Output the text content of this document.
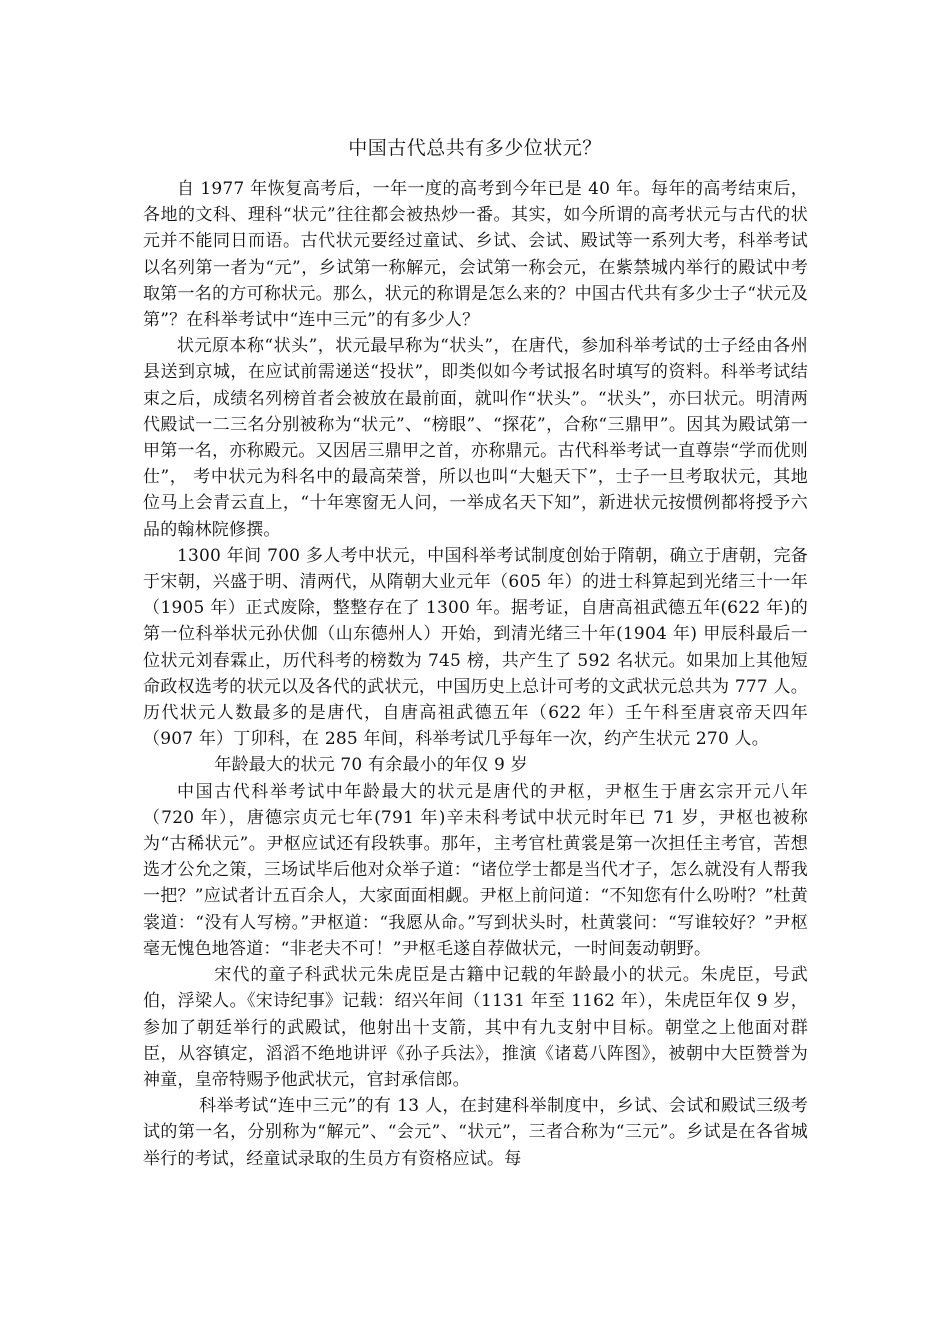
中国古代总共有多少位状元？

自 1977 年恢复高考后，一年一度的高考到今年已是 40 年。每年的高考结束后，各地的文科、理科“状元”往往都会被热炒一番。其实，如今所谓的高考状元与古代的状元并不能同日而语。古代状元要经过童试、乡试、会试、殿试等一系列大考，科举考试以名列第一者为“元”，乡试第一称解元，会试第一称会元，在紫禁城内举行的殿试中考取第一名的方可称状元。那么，状元的称谓是怎么来的？中国古代共有多少士子“状元及第”？在科举考试中“连中三元”的有多少人？

状元原本称“状头”，状元最早称为“状头”，在唐代，参加科举考试的士子经由各州县送到京城，在应试前需递送“投状”，即类似如今考试报名时填写的资料。科举考试结束之后，成绩名列榜首者会被放在最前面，就叫作“状头”。“状头”，亦曰状元。明清两代殿试一二三名分别被称为“状元”、“榜眼”、“探花”，合称“三鼎甲”。因其为殿试第一甲第一名，亦称殿元。又因居三鼎甲之首，亦称鼎元。古代科举考试一直尊崇“学而优则仕”， 考中状元为科名中的最高荣誉，所以也叫“大魁天下”，士子一旦考取状元，其地位马上会青云直上，“十年寒窗无人问，一举成名天下知”，新进状元按惯例都将授予六品的翰林院修撰。

1300 年间 700 多人考中状元，中国科举考试制度创始于隋朝，确立于唐朝，完备于宋朝，兴盛于明、清两代，从隋朝大业元年（605 年）的进士科算起到光绪三十一年（1905 年）正式废除，整整存在了 1300 年。据考证，自唐高祖武德五年(622 年)的第一位科举状元孙伏伽（山东德州人）开始，到清光绪三十年(1904 年) 甲辰科最后一位状元刘春霖止，历代科考的榜数为 745 榜，共产生了 592 名状元。如果加上其他短命政权选考的状元以及各代的武状元，中国历史上总计可考的文武状元总共为 777 人。历代状元人数最多的是唐代，自唐高祖武德五年（622 年）壬午科至唐哀帝天四年（907 年）丁卯科，在 285 年间，科举考试几乎每年一次，约产生状元 270 人。

年龄最大的状元 70 有余最小的年仅 9 岁

中国古代科举考试中年龄最大的状元是唐代的尹枢，尹枢生于唐玄宗开元八年（720 年），唐德宗贞元七年(791 年)辛未科考试中状元时年已 71 岁，尹枢也被称为“古稀状元”。尹枢应试还有段轶事。那年，主考官杜黄裳是第一次担任主考官，苦想选才公允之策，三场试毕后他对众举子道：“诸位学士都是当代才子，怎么就没有人帮我一把？”应试者计五百余人，大家面面相觑。尹枢上前问道：“不知您有什么吩咐？”杜黄裳道：“没有人写榜。”尹枢道：“我愿从命。”写到状头时，杜黄裳问：“写谁较好？”尹枢毫无愧色地答道：“非老夫不可！”尹枢毛遂自荐做状元，一时间轰动朝野。

宋代的童子科武状元朱虎臣是古籍中记载的年龄最小的状元。朱虎臣，号武伯，浮梁人。《宋诗纪事》记载：绍兴年间（1131 年至 1162 年），朱虎臣年仅 9 岁，参加了朝廷举行的武殿试，他射出十支箭，其中有九支射中目标。朝堂之上他面对群臣，从容镇定，滔滔不绝地讲评《孙子兵法》，推演《诸葛八阵图》，被朝中大臣赞誉为神童，皇帝特赐予他武状元，官封承信郎。

科举考试“连中三元”的有 13 人，在封建科举制度中，乡试、会试和殿试三级考试的第一名，分别称为“解元”、“会元”、“状元”，三者合称为“三元”。乡试是在各省城举行的考试，经童试录取的生员方有资格应试。每
